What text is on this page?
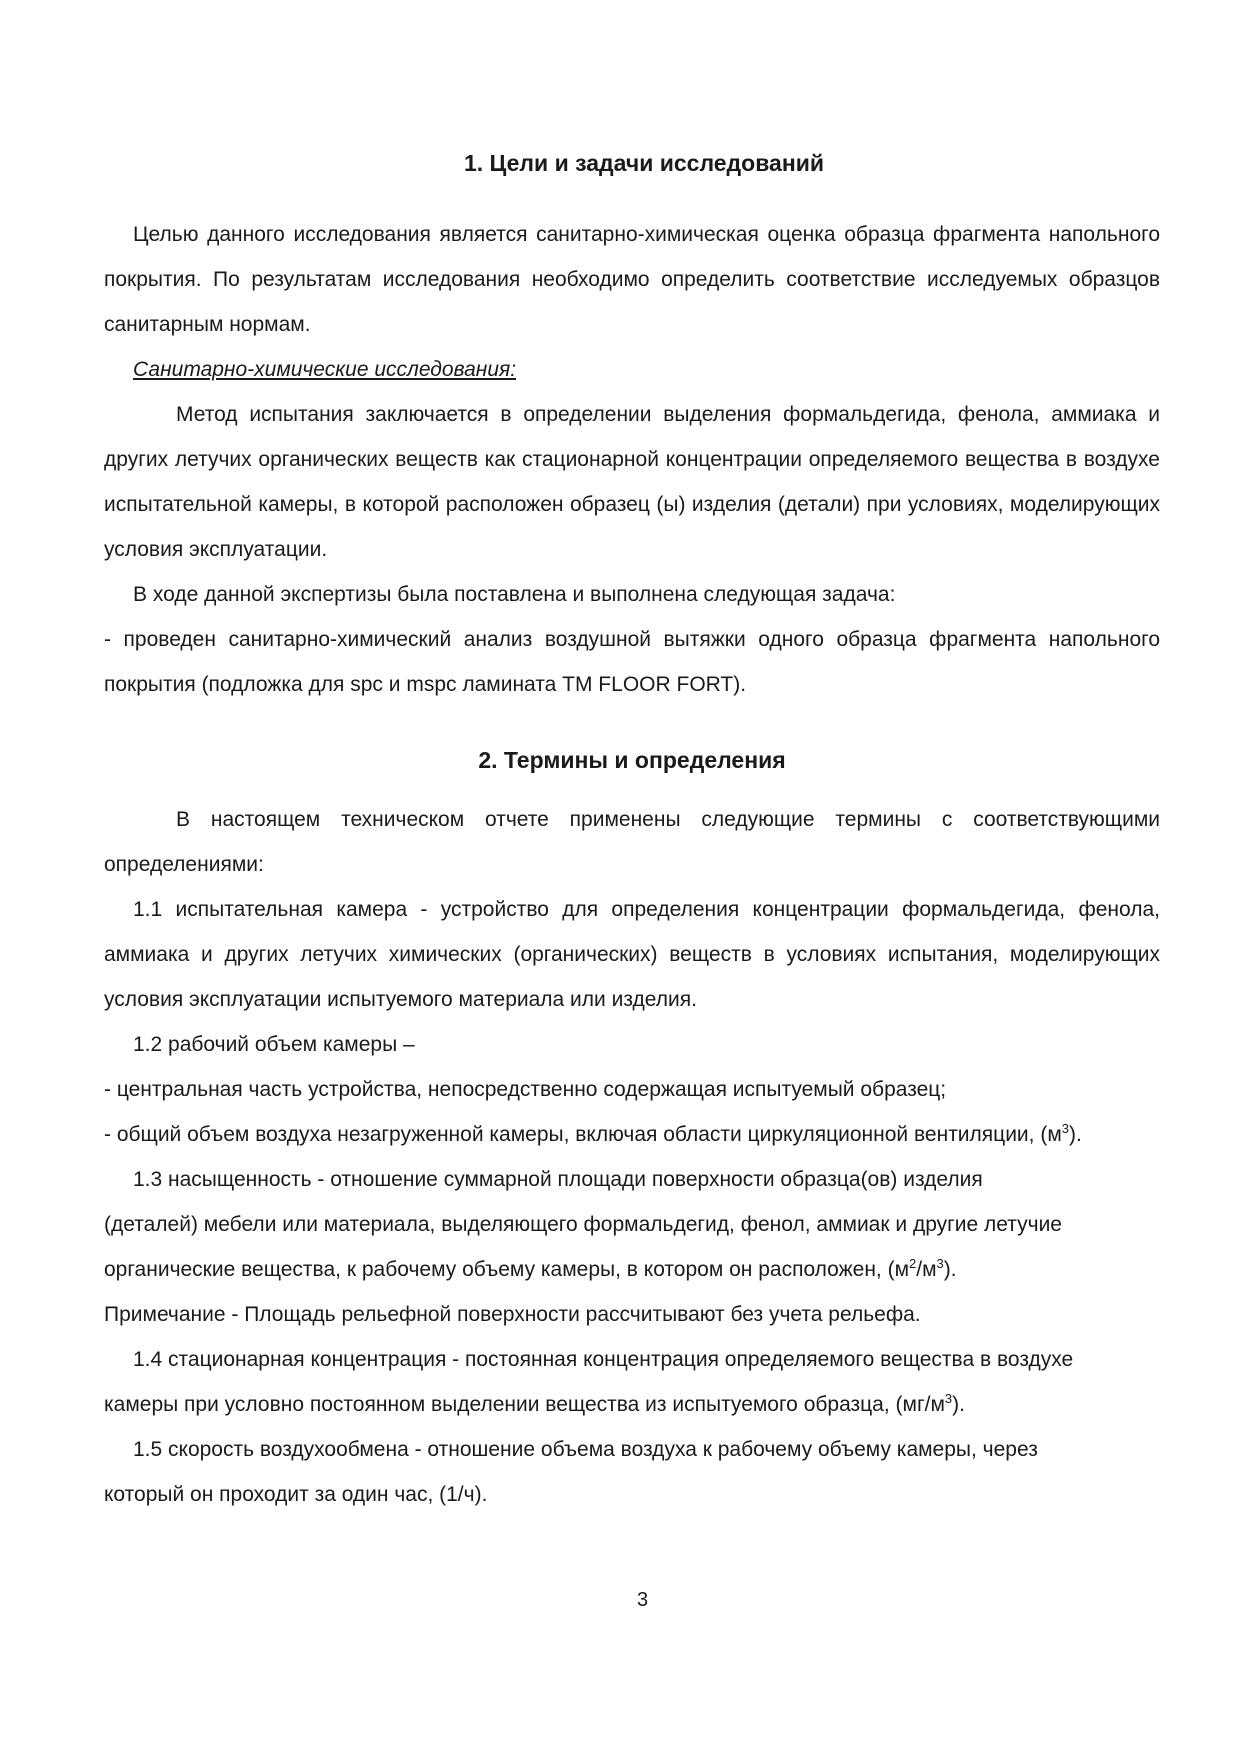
1. Цели и задачи исследований

Целью данного исследования является санитарно-химическая оценка образца фрагмента напольного покрытия. По результатам исследования необходимо определить соответствие исследуемых образцов санитарным нормам.

Санитарно-химические исследования:

Метод испытания заключается в определении выделения формальдегида, фенола, аммиака и других летучих органических веществ как стационарной концентрации определяемого вещества в воздухе испытательной камеры, в которой расположен образец (ы) изделия (детали) при условиях, моделирующих условия эксплуатации.

В ходе данной экспертизы была поставлена и выполнена следующая задача:

- проведен санитарно-химический анализ воздушной вытяжки одного образца фрагмента напольного покрытия (подложка для spc и mspc ламината TM FLOOR FORT).

2. Термины и определения

В настоящем техническом отчете применены следующие термины с соответствующими определениями:

1.1 испытательная камера - устройство для определения концентрации формальдегида, фенола, аммиака и других летучих химических (органических) веществ в условиях испытания, моделирующих условия эксплуатации испытуемого материала или изделия.

1.2 рабочий объем камеры –

- центральная часть устройства, непосредственно содержащая испытуемый образец;

- общий объем воздуха незагруженной камеры, включая области циркуляционной вентиляции, $(м^3)$.

1.3 насыщенность - отношение суммарной площади поверхности образца(ов) изделия

(деталей) мебели или материала, выделяющего формальдегид, фенол, аммиак и другие летучие

органические вещества, к рабочему объему камеры, в котором он расположен, $(м^2/м^3)$.

Примечание - Площадь рельефной поверхности рассчитывают без учета рельефа.

1.4 стационарная концентрация - постоянная концентрация определяемого вещества в воздухе

камеры при условно постоянном выделении вещества из испытуемого образца, $(мг/м^3)$.

1.5 скорость воздухообмена - отношение объема воздуха к рабочему объему камеры, через

который он проходит за один час, (1/ч).

3
